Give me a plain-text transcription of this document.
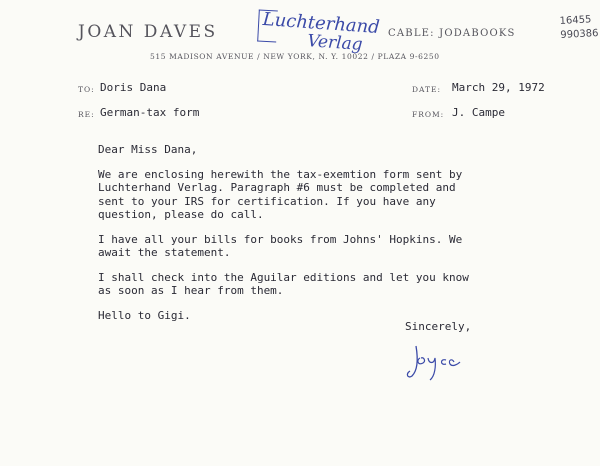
JOAN DAVES	CABLE: JODABOOKS
515 MADISON AVENUE / NEW YORK, N. Y. 10022 / PLAZA 9-6250
Luchterhand
Verlag
16455
990386
TO: Doris Dana
RE: German-tax form
DATE: March 29, 1972
FROM: J. Campe

Dear Miss Dana,

We are enclosing herewith the tax-exemtion form sent by
Luchterhand Verlag. Paragraph #6 must be completed and
sent to your IRS for certification. If you have any
question, please do call.

I have all your bills for books from Johns' Hopkins. We
await the statement.

I shall check into the Aguilar editions and let you know
as soon as I hear from them.

Hello to Gigi.

Sincerely,
